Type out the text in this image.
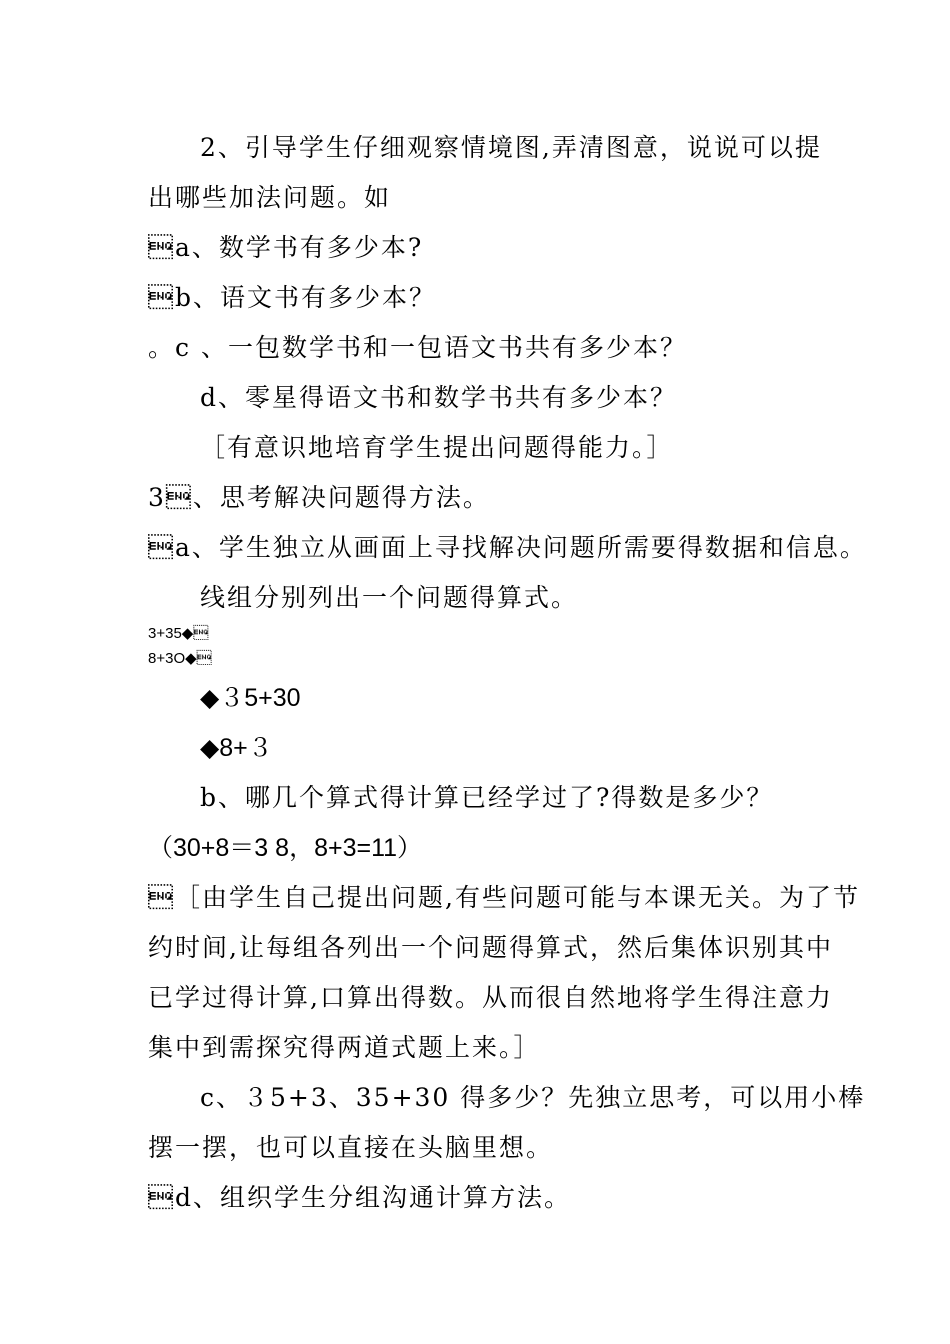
2、引导学生仔细观察情境图,弄清图意，说说可以提
出哪些加法问题。如
a、数学书有多少本?
b、语文书有多少本？
。c 、一包数学书和一包语文书共有多少本？
d、零星得语文书和数学书共有多少本？
［有意识地培育学生提出问题得能力。］
3、思考解决问题得方法。
a、学生独立从画面上寻找解决问题所需要得数据和信息。
线组分别列出一个问题得算式。
3+35◆
8+3O◆
◆３5+30
◆8+３
b、哪几个算式得计算已经学过了?得数是多少？
（30+8＝3 8，8+3=11）
［由学生自己提出问题,有些问题可能与本课无关。为了节
约时间,让每组各列出一个问题得算式，然后集体识别其中
已学过得计算,口算出得数。从而很自然地将学生得注意力
集中到需探究得两道式题上来。］
c、３5+3、35+30 得多少？先独立思考，可以用小棒
摆一摆，也可以直接在头脑里想。
d、组织学生分组沟通计算方法。
